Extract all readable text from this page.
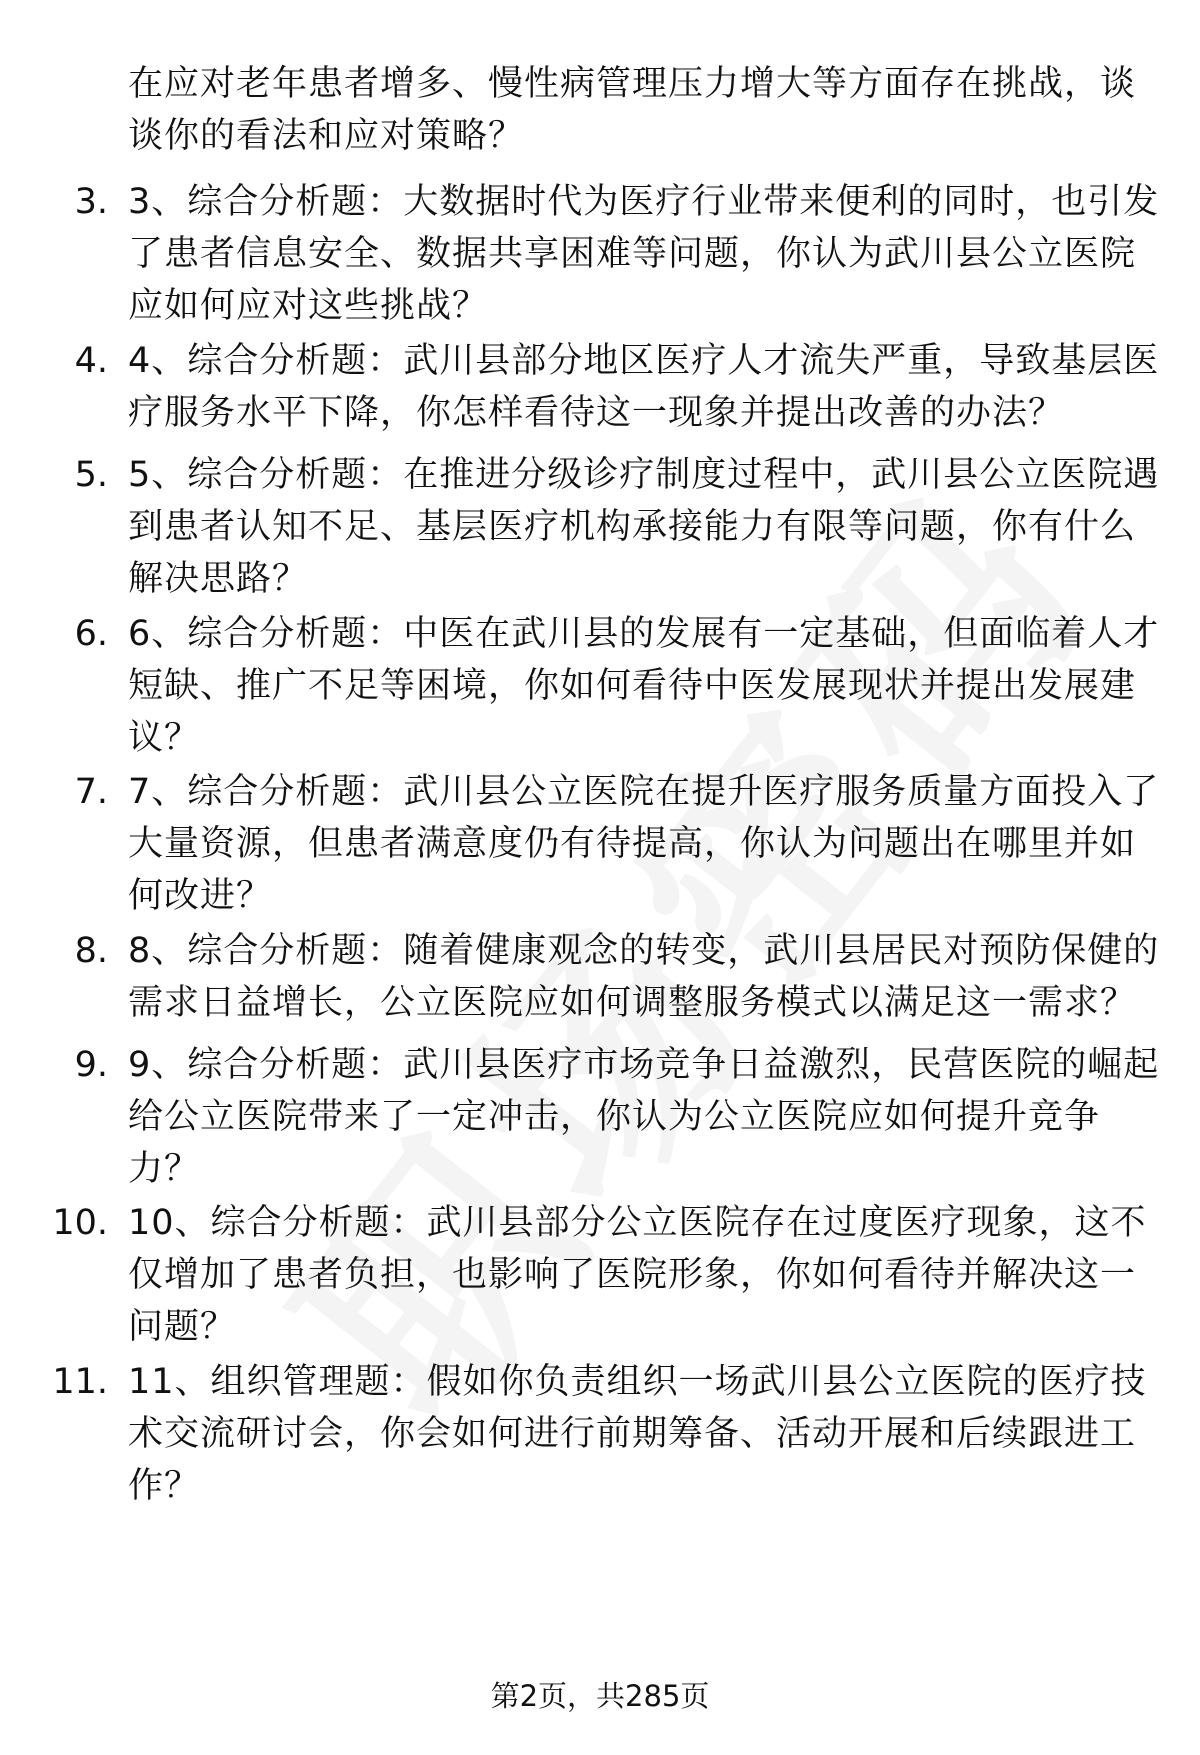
在应对老年患者增多、慢性病管理压力增大等方面存在挑战，谈谈你的看法和应对策略？
3. 3、综合分析题：大数据时代为医疗行业带来便利的同时，也引发了患者信息安全、数据共享困难等问题，你认为武川县公立医院应如何应对这些挑战？
4. 4、综合分析题：武川县部分地区医疗人才流失严重，导致基层医疗服务水平下降，你怎样看待这一现象并提出改善的办法？
5. 5、综合分析题：在推进分级诊疗制度过程中，武川县公立医院遇到患者认知不足、基层医疗机构承接能力有限等问题，你有什么解决思路？
6. 6、综合分析题：中医在武川县的发展有一定基础，但面临着人才短缺、推广不足等困境，你如何看待中医发展现状并提出发展建议？
7. 7、综合分析题：武川县公立医院在提升医疗服务质量方面投入了大量资源，但患者满意度仍有待提高，你认为问题出在哪里并如何改进？
8. 8、综合分析题：随着健康观念的转变，武川县居民对预防保健的需求日益增长，公立医院应如何调整服务模式以满足这一需求？
9. 9、综合分析题：武川县医疗市场竞争日益激烈，民营医院的崛起给公立医院带来了一定冲击，你认为公立医院应如何提升竞争力？
10. 10、综合分析题：武川县部分公立医院存在过度医疗现象，这不仅增加了患者负担，也影响了医院形象，你如何看待并解决这一问题？
11. 11、组织管理题：假如你负责组织一场武川县公立医院的医疗技术交流研讨会，你会如何进行前期筹备、活动开展和后续跟进工作？
第2页，共285页
